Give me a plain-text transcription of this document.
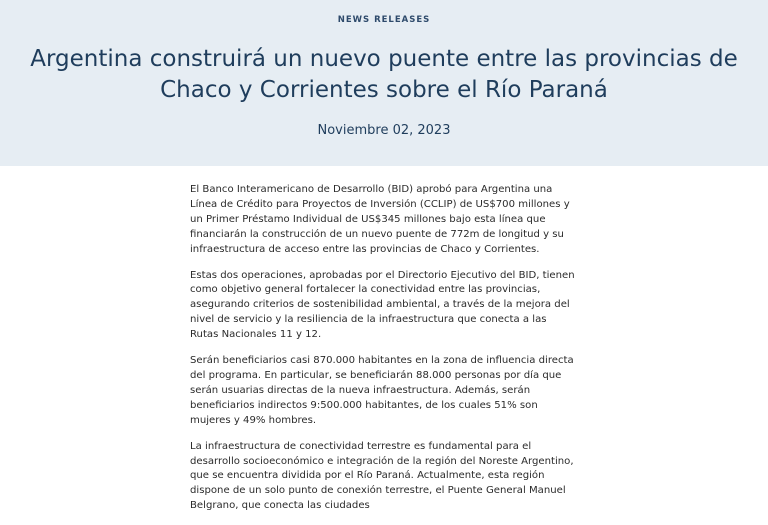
NEWS RELEASES
Argentina construirá un nuevo puente entre las provincias de Chaco y Corrientes sobre el Río Paraná
Noviembre 02, 2023

El Banco Interamericano de Desarrollo (BID) aprobó para Argentina una Línea de Crédito para Proyectos de Inversión (CCLIP) de US$700 millones y un Primer Préstamo Individual de US$345 millones bajo esta línea que financiarán la construcción de un nuevo puente de 772m de longitud y su infraestructura de acceso entre las provincias de Chaco y Corrientes.

Estas dos operaciones, aprobadas por el Directorio Ejecutivo del BID, tienen como objetivo general fortalecer la conectividad entre las provincias, asegurando criterios de sostenibilidad ambiental, a través de la mejora del nivel de servicio y la resiliencia de la infraestructura que conecta a las Rutas Nacionales 11 y 12.

Serán beneficiarios casi 870.000 habitantes en la zona de influencia directa del programa. En particular, se beneficiarán 88.000 personas por día que serán usuarias directas de la nueva infraestructura. Además, serán beneficiarios indirectos 9:500.000 habitantes, de los cuales 51% son mujeres y 49% hombres.

La infraestructura de conectividad terrestre es fundamental para el desarrollo socioeconómico e integración de la región del Noreste Argentino, que se encuentra dividida por el Río Paraná. Actualmente, esta región dispone de un solo punto de conexión terrestre, el Puente General Manuel Belgrano, que conecta las ciudades
